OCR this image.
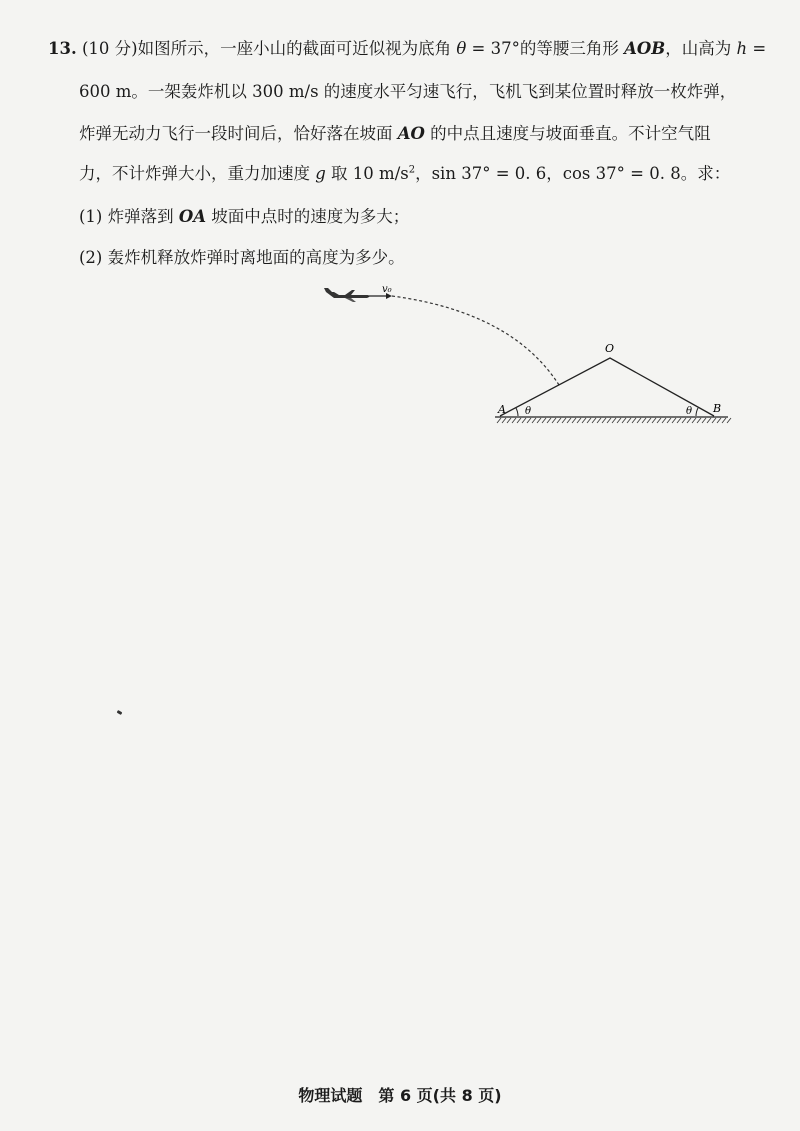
13. (10 分)如图所示，一座小山的截面可近似视为底角 θ = 37°的等腰三角形 AOB，山高为 h =
600 m。一架轰炸机以 300 m/s 的速度水平匀速飞行，飞机飞到某位置时释放一枚炸弹，
炸弹无动力飞行一段时间后，恰好落在坡面 AO 的中点且速度与坡面垂直。不计空气阻
力，不计炸弹大小，重力加速度 g 取 10 $m/s^2$，sin 37° = 0. 6，cos 37° = 0. 8。求：
(1) 炸弹落到 OA 坡面中点时的速度为多大；
(2) 轰炸机释放炸弹时离地面的高度为多少。
v₀
O
A	B
θ	θ
物理试题　第 6 页(共 8 页)
